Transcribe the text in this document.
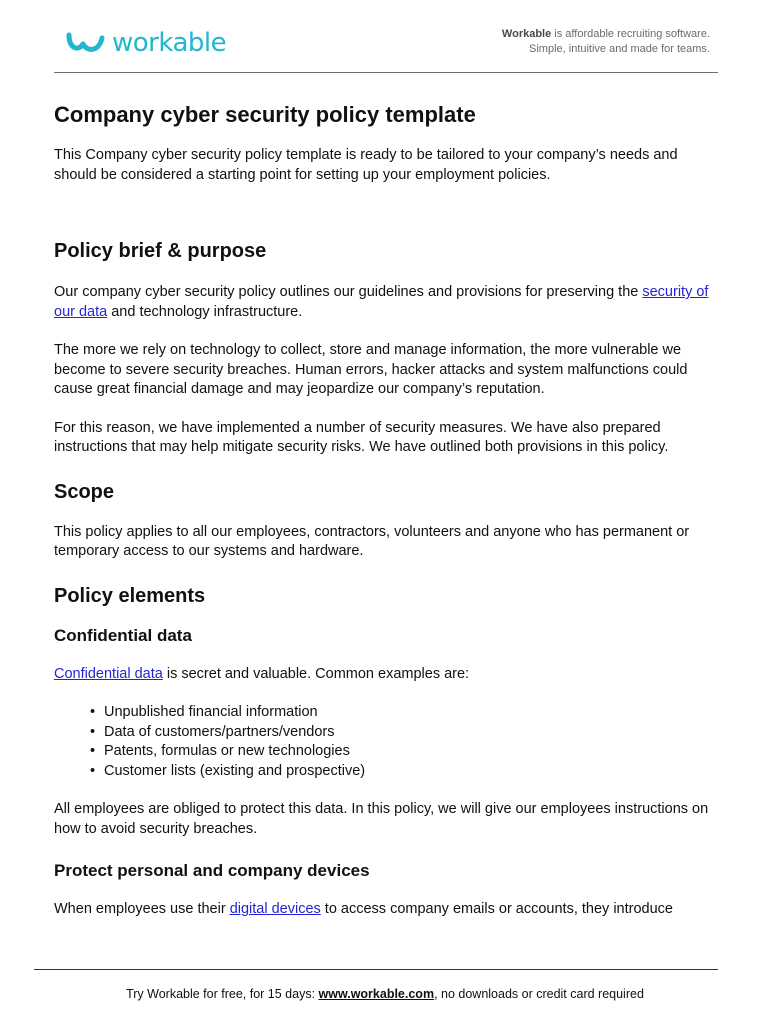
workable	Workable is affordable recruiting software.
Simple, intuitive and made for teams.
Company cyber security policy template

This Company cyber security policy template is ready to be tailored to your company’s needs and should be considered a starting point for setting up your employment policies.

Policy brief & purpose

Our company cyber security policy outlines our guidelines and provisions for preserving the security of our data and technology infrastructure.

The more we rely on technology to collect, store and manage information, the more vulnerable we become to severe security breaches. Human errors, hacker attacks and system malfunctions could cause great financial damage and may jeopardize our company’s reputation.

For this reason, we have implemented a number of security measures. We have also prepared instructions that may help mitigate security risks. We have outlined both provisions in this policy.

Scope

This policy applies to all our employees, contractors, volunteers and anyone who has permanent or temporary access to our systems and hardware.

Policy elements
Confidential data

Confidential data is secret and valuable. Common examples are:

• Unpublished financial information
• Data of customers/partners/vendors
• Patents, formulas or new technologies
• Customer lists (existing and prospective)

All employees are obliged to protect this data. In this policy, we will give our employees instructions on how to avoid security breaches.

Protect personal and company devices

When employees use their digital devices to access company emails or accounts, they introduce

Try Workable for free, for 15 days: www.workable.com, no downloads or credit card required
